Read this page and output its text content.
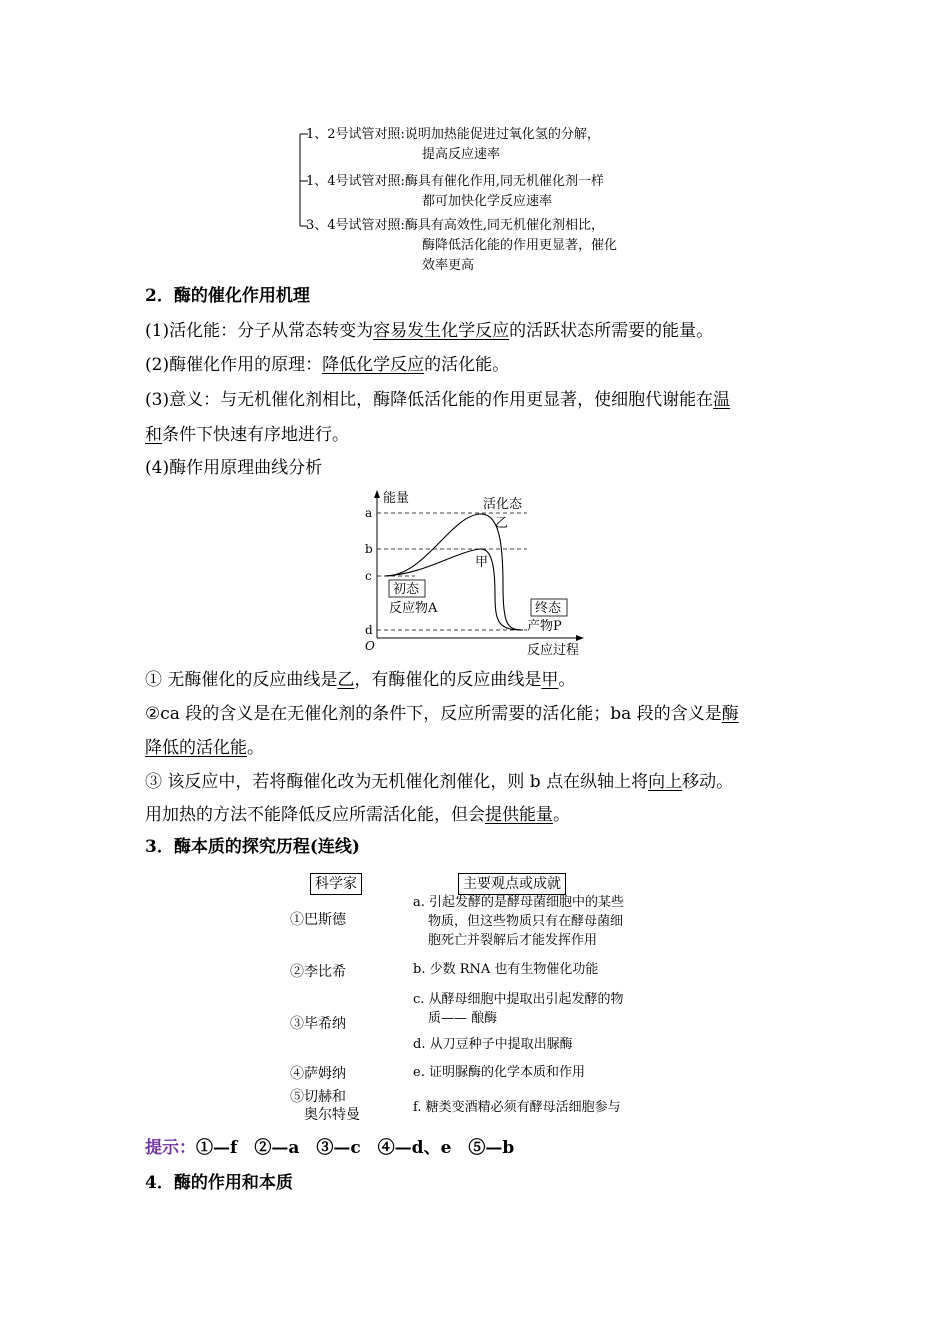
1、2号试管对照:说明加热能促进过氧化氢的分解，
提高反应速率
1、4号试管对照:酶具有催化作用,同无机催化剂一样
都可加快化学反应速率
3、4号试管对照:酶具有高效性,同无机催化剂相比，
酶降低活化能的作用更显著，催化
效率更高
2．酶的催化作用机理
(1)活化能：分子从常态转变为容易发生化学反应的活跃状态所需要的能量。
(2)酶催化作用的原理：降低化学反应的活化能。
(3)意义：与无机催化剂相比，酶降低活化能的作用更显著，使细胞代谢能在温
和条件下快速有序地进行。
(4)酶作用原理曲线分析
能量
a
b
c
d
O
活化态
乙
甲
初态
反应物A	终态
产物P
反应过程
① 无酶催化的反应曲线是乙，有酶催化的反应曲线是甲。
②ca 段的含义是在无催化剂的条件下，反应所需要的活化能；ba 段的含义是酶
降低的活化能。
③ 该反应中，若将酶催化改为无机催化剂催化，则 b 点在纵轴上将向上移动。
用加热的方法不能降低反应所需活化能，但会提供能量。
3．酶本质的探究历程(连线)
科学家	主要观点或成就
①巴斯德
②李比希
③毕希纳
④萨姆纳
⑤切赫和
奥尔特曼
a. 引起发酵的是酵母菌细胞中的某些
物质，但这些物质只有在酵母菌细
胞死亡并裂解后才能发挥作用
b. 少数 RNA 也有生物催化功能
c. 从酵母细胞中提取出引起发酵的物
质—— 酿酶
d. 从刀豆种子中提取出脲酶
e. 证明脲酶的化学本质和作用
f. 糖类变酒精必须有酵母活细胞参与
提示：①—f　②—a　③—c　④—d、e　⑤—b
4．酶的作用和本质
